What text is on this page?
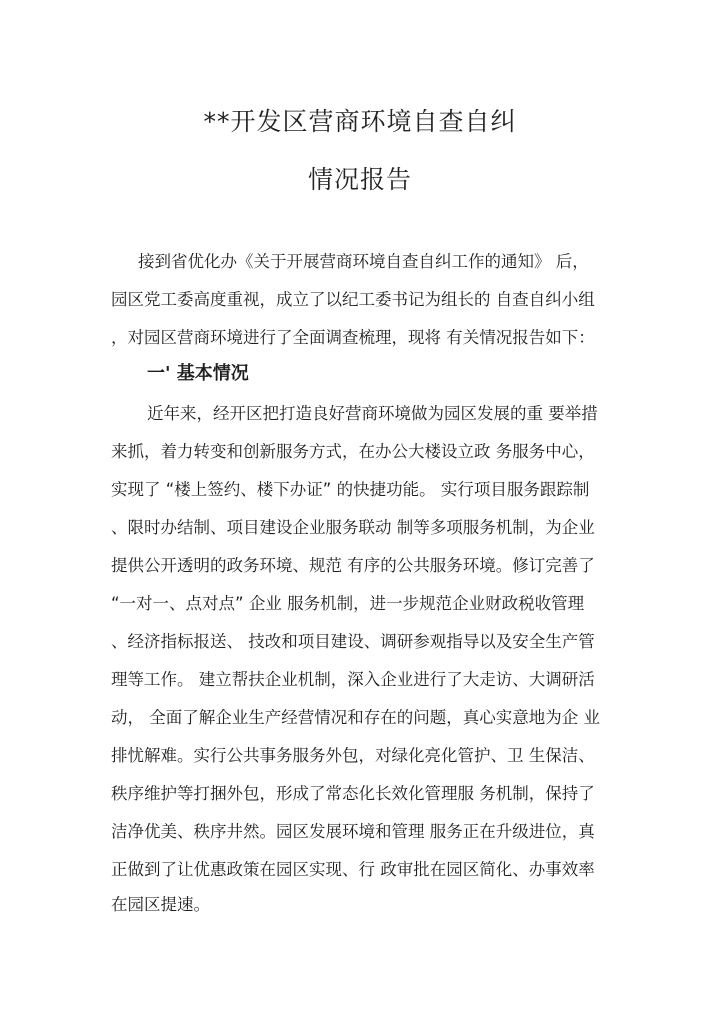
**开发区营商环境自查自纠
情况报告

接到省优化办《关于开展营商环境自查自纠工作的通知》 后，

园区党工委高度重视，成立了以纪工委书记为组长的 自查自纠小组

，对园区营商环境进行了全面调查梳理，现将 有关情况报告如下：

一' 基本情况

近年来，经开区把打造良好营商环境做为园区发展的重 要举措

来抓，着力转变和创新服务方式，在办公大楼设立政 务服务中心，

实现了 “楼上签约、楼下办证” 的快捷功能。 实行项目服务跟踪制

、限时办结制、项目建设企业服务联动 制等多项服务机制，为企业

提供公开透明的政务环境、规范 有序的公共服务环境。修订完善了

“一对一、点对点” 企业 服务机制，进一步规范企业财政税收管理

、经济指标报送、 技改和项目建设、调研参观指导以及安全生产管

理等工作。 建立帮扶企业机制，深入企业进行了大走访、大调研活

动， 全面了解企业生产经营情况和存在的问题，真心实意地为企 业

排忧解难。实行公共事务服务外包，对绿化亮化管护、卫 生保洁、

秩序维护等打捆外包，形成了常态化长效化管理服 务机制，保持了

洁净优美、秩序井然。园区发展环境和管理 服务正在升级进位，真

正做到了让优惠政策在园区实现、行 政审批在园区简化、办事效率

在园区提速。
